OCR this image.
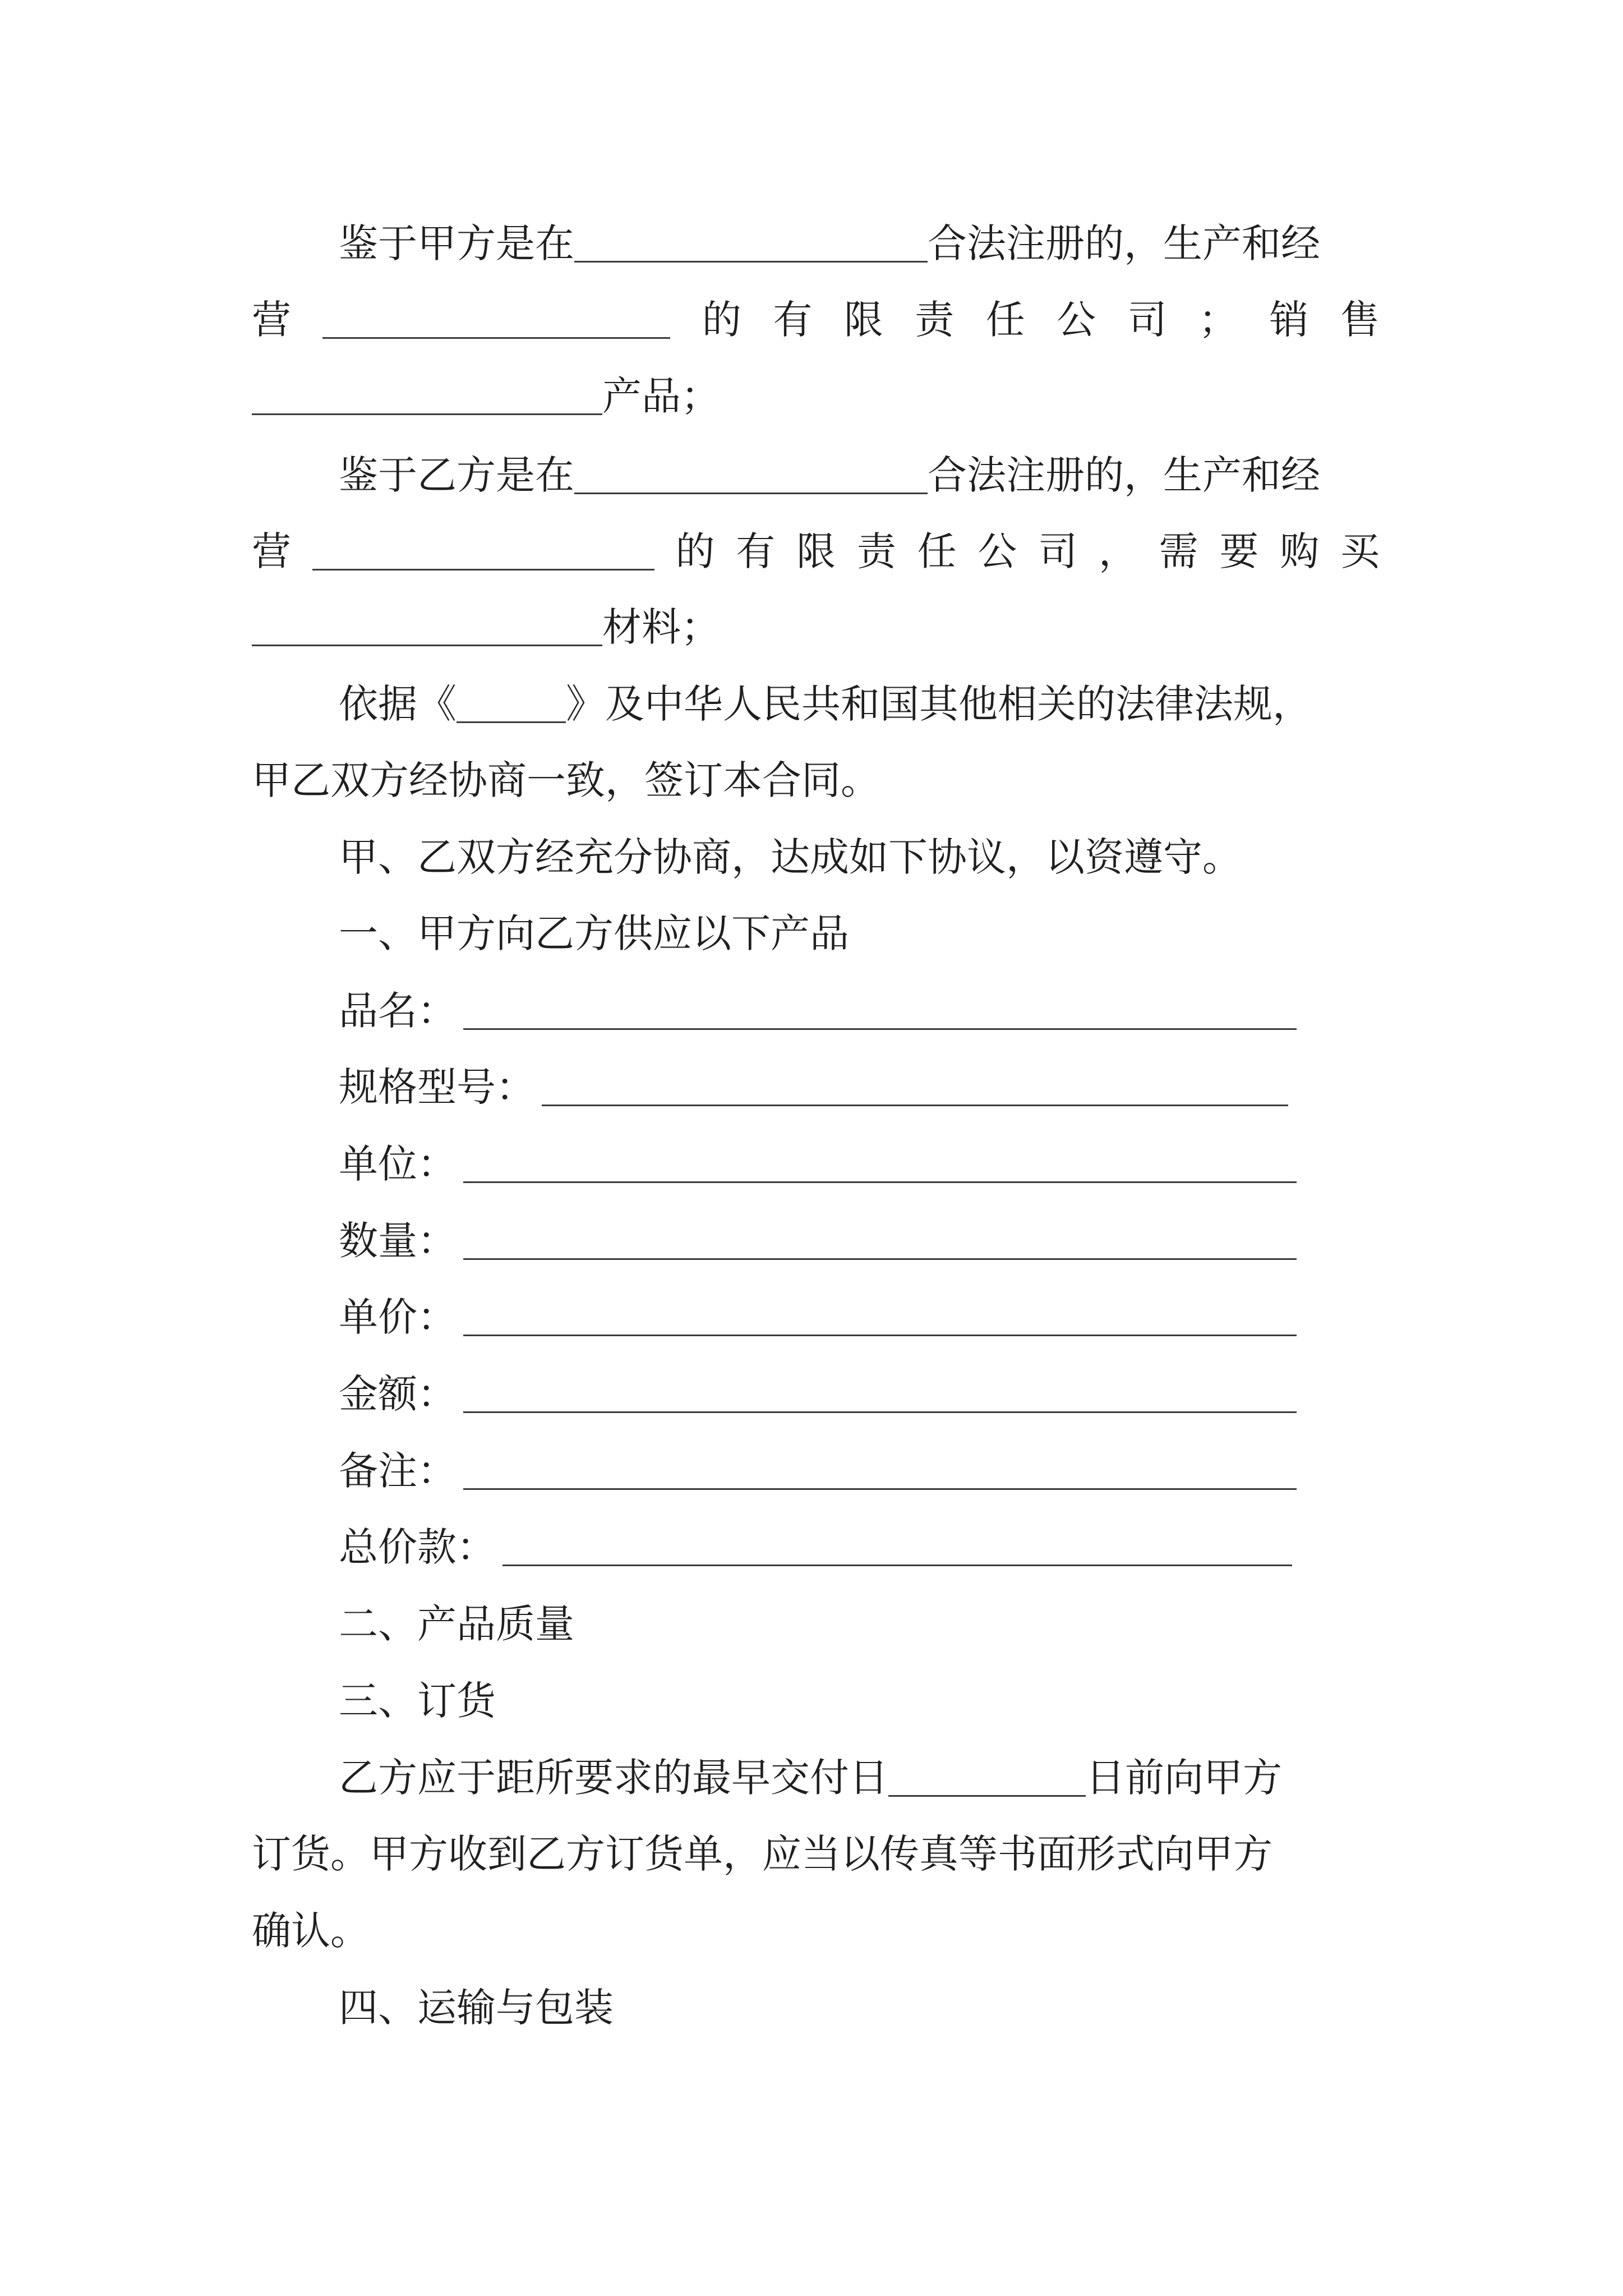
鉴于甲方是在	合法注册的，生产和经
营	的 有 限 责 任 公 司 ； 销 售
产品；
鉴于乙方是在	合法注册的，生产和经
营	的 有 限 责 任 公 司 ， 需 要 购 买
材料；
依据《	》及中华人民共和国其他相关的法律法规，
甲乙双方经协商一致，签订本合同。
甲、乙双方经充分协商，达成如下协议，以资遵守。
一、甲方向乙方供应以下产品
品名：
规格型号：
单位：
数量：
单价：
金额：
备注：
总价款：
二、产品质量
三、订货
乙方应于距所要求的最早交付日	日前向甲方
订货。甲方收到乙方订货单，应当以传真等书面形式向甲方
确认。
四、运输与包装
